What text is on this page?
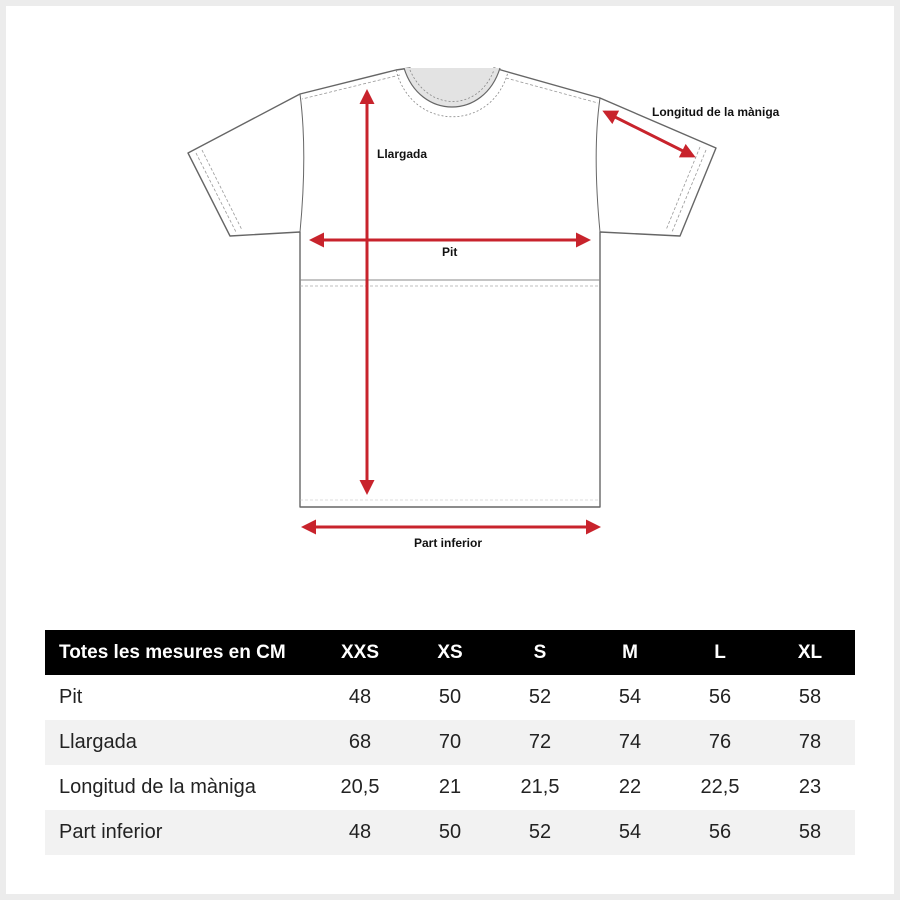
Llargada
Pit
Longitud de la màniga
Part inferior
Totes les mesures en CM	XXS	XS	S	M	L	XL
Pit	48	50	52	54	56	58
Llargada	68	70	72	74	76	78
Longitud de la màniga	20,5	21	21,5	22	22,5	23
Part inferior	48	50	52	54	56	58
